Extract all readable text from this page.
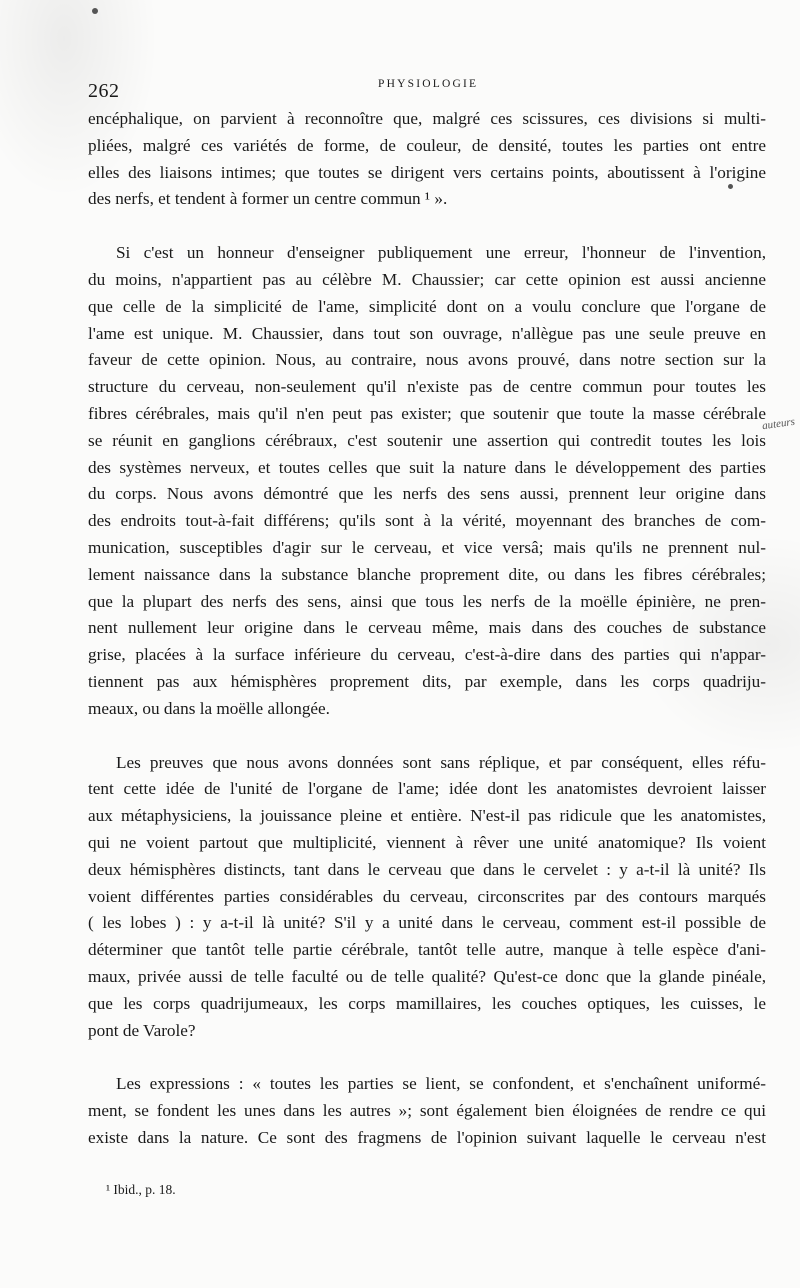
262	PHYSIOLOGIE
encéphalique, on parvient à reconnoître que, malgré ces scissures, ces divisions si multi-
pliées, malgré ces variétés de forme, de couleur, de densité, toutes les parties ont entre
elles des liaisons intimes; que toutes se dirigent vers certains points, aboutissent à l'origine
des nerfs, et tendent à former un centre commun ¹ ».
Si c'est un honneur d'enseigner publiquement une erreur, l'honneur de l'invention,
du moins, n'appartient pas au célèbre M. Chaussier; car cette opinion est aussi ancienne
que celle de la simplicité de l'ame, simplicité dont on a voulu conclure que l'organe de
l'ame est unique. M. Chaussier, dans tout son ouvrage, n'allègue pas une seule preuve en
faveur de cette opinion. Nous, au contraire, nous avons prouvé, dans notre section sur la
structure du cerveau, non-seulement qu'il n'existe pas de centre commun pour toutes les
fibres cérébrales, mais qu'il n'en peut pas exister; que soutenir que toute la masse cérébrale
se réunit en ganglions cérébraux, c'est soutenir une assertion qui contredit toutes les lois
des systèmes nerveux, et toutes celles que suit la nature dans le développement des parties
du corps. Nous avons démontré que les nerfs des sens aussi, prennent leur origine dans
des endroits tout-à-fait différens; qu'ils sont à la vérité, moyennant des branches de com-
munication, susceptibles d'agir sur le cerveau, et vice versâ; mais qu'ils ne prennent nul-
lement naissance dans la substance blanche proprement dite, ou dans les fibres cérébrales;
que la plupart des nerfs des sens, ainsi que tous les nerfs de la moëlle épinière, ne pren-
nent nullement leur origine dans le cerveau même, mais dans des couches de substance
grise, placées à la surface inférieure du cerveau, c'est-à-dire dans des parties qui n'appar-
tiennent pas aux hémisphères proprement dits, par exemple, dans les corps quadriju-
meaux, ou dans la moëlle allongée.
Les preuves que nous avons données sont sans réplique, et par conséquent, elles réfu-
tent cette idée de l'unité de l'organe de l'ame; idée dont les anatomistes devroient laisser
aux métaphysiciens, la jouissance pleine et entière. N'est-il pas ridicule que les anatomistes,
qui ne voient partout que multiplicité, viennent à rêver une unité anatomique? Ils voient
deux hémisphères distincts, tant dans le cerveau que dans le cervelet : y a-t-il là unité? Ils
voient différentes parties considérables du cerveau, circonscrites par des contours marqués
( les lobes ) : y a-t-il là unité? S'il y a unité dans le cerveau, comment est-il possible de
déterminer que tantôt telle partie cérébrale, tantôt telle autre, manque à telle espèce d'ani-
maux, privée aussi de telle faculté ou de telle qualité? Qu'est-ce donc que la glande pinéale,
que les corps quadrijumeaux, les corps mamillaires, les couches optiques, les cuisses, le
pont de Varole?
Les expressions : « toutes les parties se lient, se confondent, et s'enchaînent uniformé-
ment, se fondent les unes dans les autres »; sont également bien éloignées de rendre ce qui
existe dans la nature. Ce sont des fragmens de l'opinion suivant laquelle le cerveau n'est
¹ Ibid., p. 18.
auteurs
